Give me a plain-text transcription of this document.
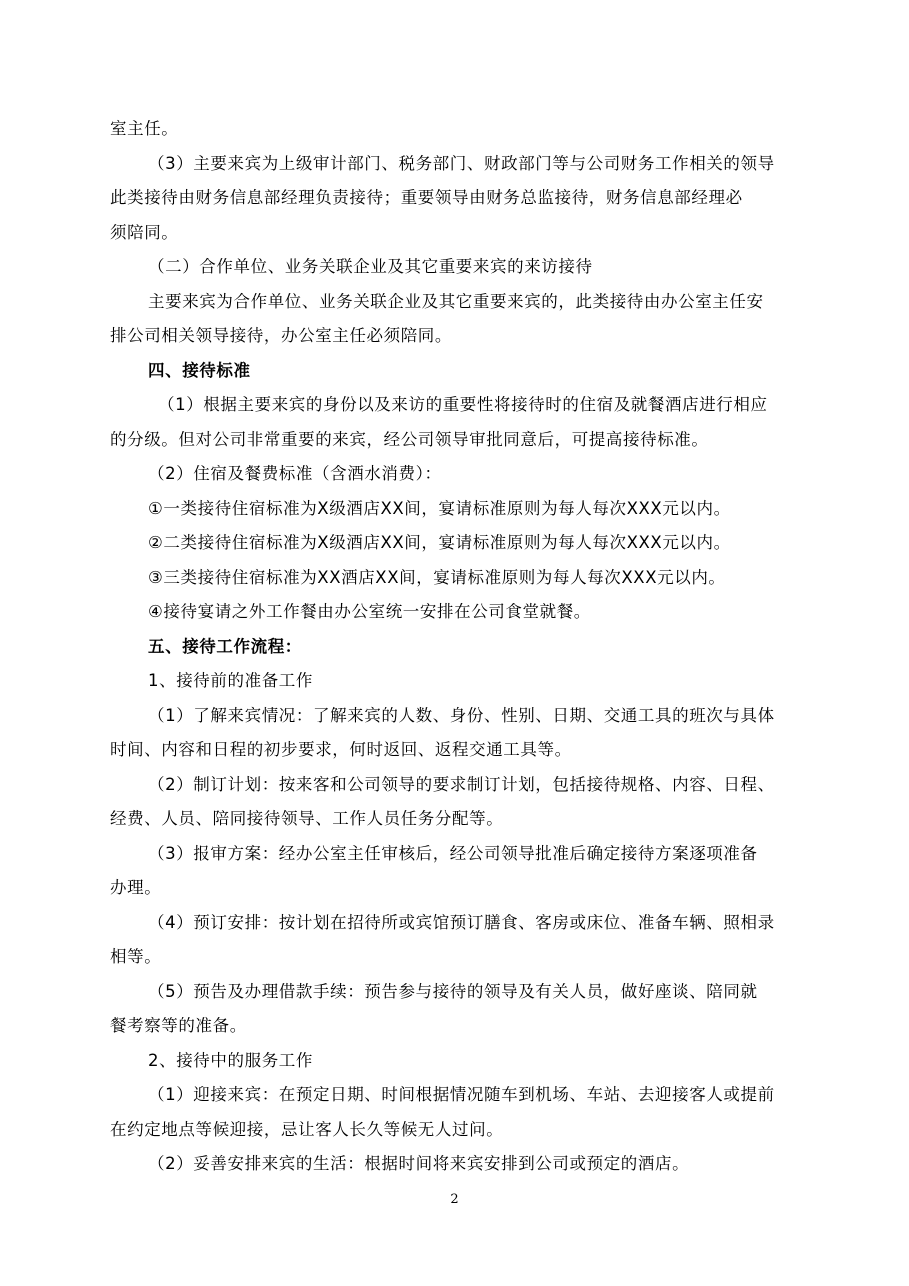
室主任。
（3）主要来宾为上级审计部门、税务部门、财政部门等与公司财务工作相关的领导
此类接待由财务信息部经理负责接待；重要领导由财务总监接待，财务信息部经理必
须陪同。
（二）合作单位、业务关联企业及其它重要来宾的来访接待
主要来宾为合作单位、业务关联企业及其它重要来宾的，此类接待由办公室主任安
排公司相关领导接待，办公室主任必须陪同。
四、接待标准
（1）根据主要来宾的身份以及来访的重要性将接待时的住宿及就餐酒店进行相应
的分级。但对公司非常重要的来宾，经公司领导审批同意后，可提高接待标准。
（2）住宿及餐费标准（含酒水消费）：
①一类接待住宿标准为X级酒店XX间，宴请标准原则为每人每次XXX元以内。
②二类接待住宿标准为X级酒店XX间，宴请标准原则为每人每次XXX元以内。
③三类接待住宿标准为XX酒店XX间，宴请标准原则为每人每次XXX元以内。
④接待宴请之外工作餐由办公室统一安排在公司食堂就餐。
五、接待工作流程：
1、接待前的准备工作
（1）了解来宾情况：了解来宾的人数、身份、性别、日期、交通工具的班次与具体
时间、内容和日程的初步要求，何时返回、返程交通工具等。
（2）制订计划：按来客和公司领导的要求制订计划，包括接待规格、内容、日程、
经费、人员、陪同接待领导、工作人员任务分配等。
（3）报审方案：经办公室主任审核后，经公司领导批准后确定接待方案逐项准备
办理。
（4）预订安排：按计划在招待所或宾馆预订膳食、客房或床位、准备车辆、照相录
相等。
（5）预告及办理借款手续：预告参与接待的领导及有关人员，做好座谈、陪同就
餐考察等的准备。
2、接待中的服务工作
（1）迎接来宾：在预定日期、时间根据情况随车到机场、车站、去迎接客人或提前
在约定地点等候迎接，忌让客人长久等候无人过问。
（2）妥善安排来宾的生活：根据时间将来宾安排到公司或预定的酒店。
2
